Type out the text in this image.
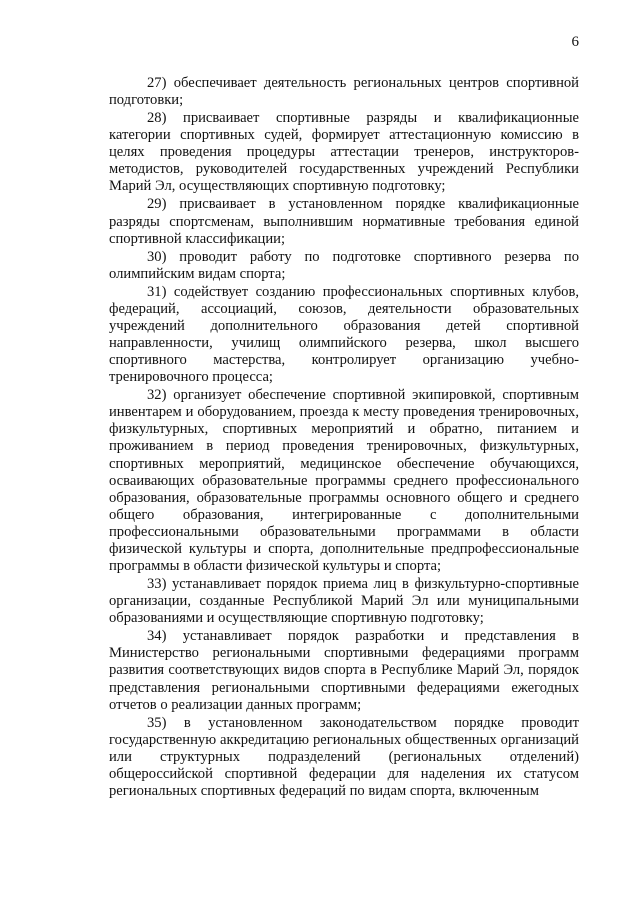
6

27) обеспечивает деятельность региональных центров спортивной подготовки;

28) присваивает спортивные разряды и квалификационные категории спортивных судей, формирует аттестационную комиссию в целях проведения процедуры аттестации тренеров, инструкторов-методистов, руководителей государственных учреждений Республики Марий Эл, осуществляющих спортивную подготовку;

29) присваивает в установленном порядке квалификационные разряды спортсменам, выполнившим нормативные требования единой спортивной классификации;

30) проводит работу по подготовке спортивного резерва по олимпийским видам спорта;

31) содействует созданию профессиональных спортивных клубов, федераций, ассоциаций, союзов, деятельности образовательных учреждений дополнительного образования детей спортивной направленности, училищ олимпийского резерва, школ высшего спортивного мастерства, контролирует организацию учебно-тренировочного процесса;

32) организует обеспечение спортивной экипировкой, спортивным инвентарем и оборудованием, проезда к месту проведения тренировочных, физкультурных, спортивных мероприятий и обратно, питанием и проживанием в период проведения тренировочных, физкультурных, спортивных мероприятий, медицинское обеспечение обучающихся, осваивающих образовательные программы среднего профессионального образования, образовательные программы основного общего и среднего общего образования, интегрированные с дополнительными профессиональными образовательными программами в области физической культуры и спорта, дополнительные предпрофессиональные программы в области физической культуры и спорта;

33) устанавливает порядок приема лиц в физкультурно-спортивные организации, созданные Республикой Марий Эл или муниципальными образованиями и осуществляющие спортивную подготовку;

34) устанавливает порядок разработки и представления в Министерство региональными спортивными федерациями программ развития соответствующих видов спорта в Республике Марий Эл, порядок представления региональными спортивными федерациями ежегодных отчетов о реализации данных программ;

35) в установленном законодательством порядке проводит государственную аккредитацию региональных общественных организаций или структурных подразделений (региональных отделений) общероссийской спортивной федерации для наделения их статусом региональных спортивных федераций по видам спорта, включенным
